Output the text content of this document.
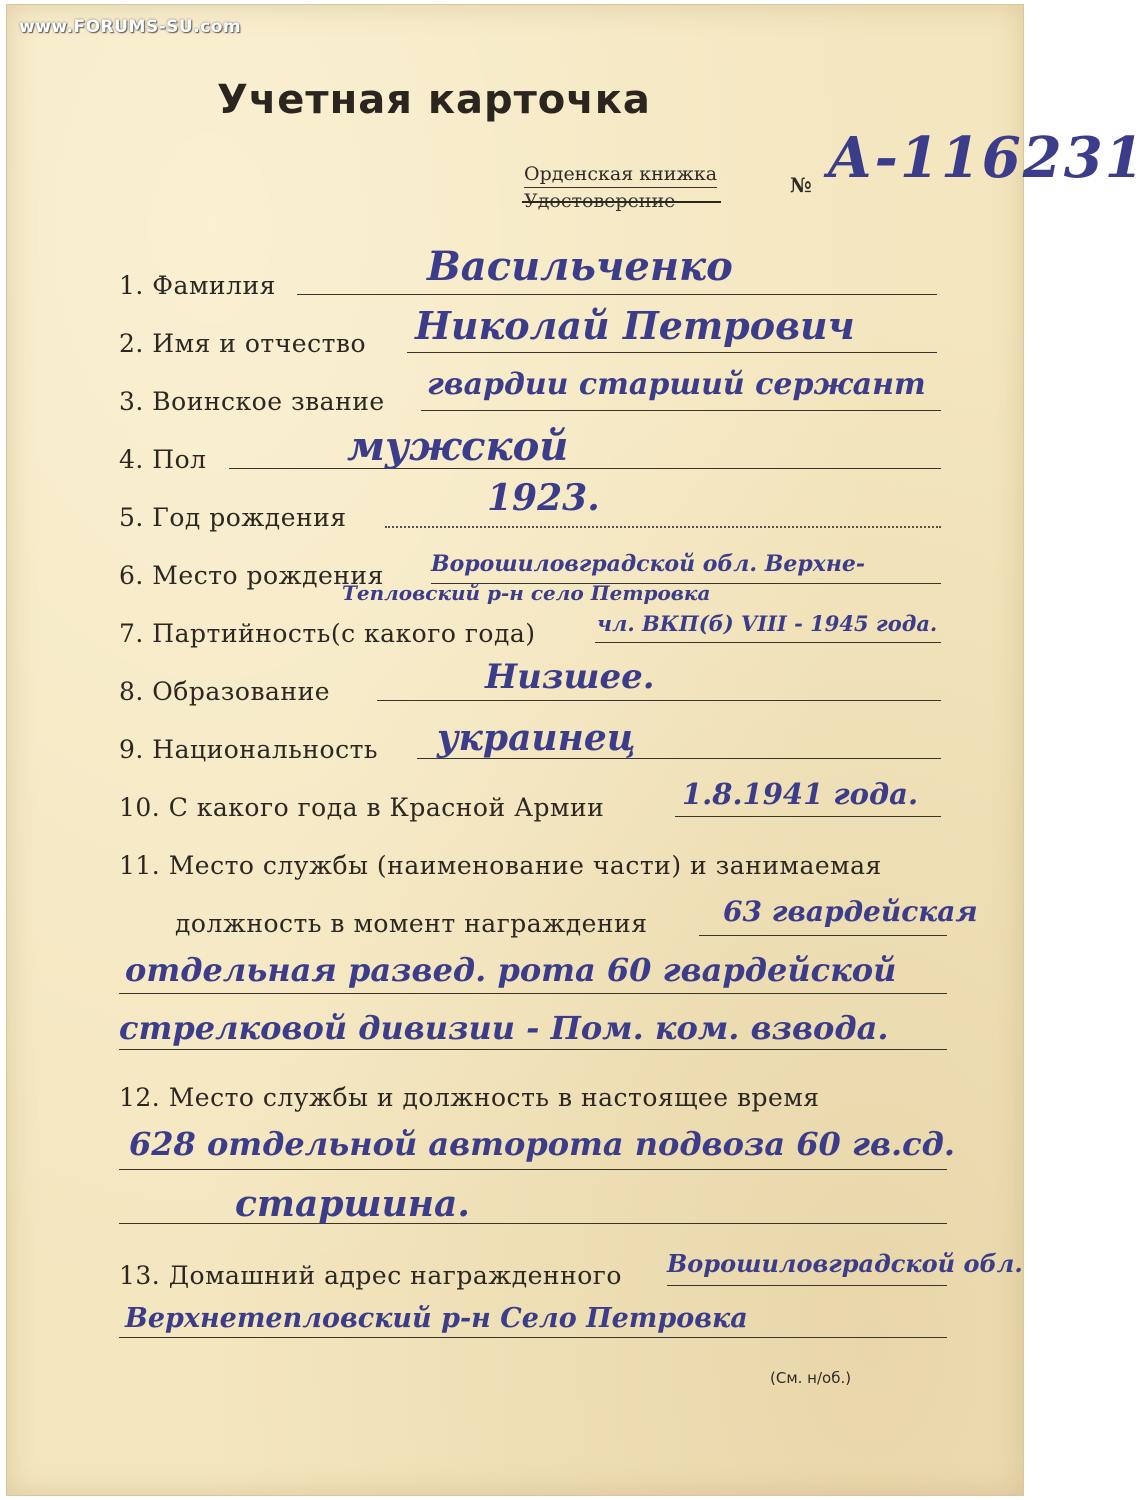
www.FORUMS-SU.com
Учетная карточка
Орденская книжка
Удостоверение
№ А-116231
1. Фамилия	Васильченко
2. Имя и отчество Николай Петрович
3. Воинское звание гвардии старший сержант
4. Пол	мужской
5. Год рождения	1923.
6. Место рождения Ворошиловградской обл. Верхне-
Тепловский р-н село Петровка
7. Партийность(с какого года)	чл. ВКП(б) VIII - 1945 года.
8. Образование	Низшее.
9. Национальность украинец
10. С какого года в Красной Армии	1.8.1941 года.
11. Место службы (наименование части) и занимаемая
должность в момент награждения	63 гвардейская
отдельная развед. рота 60 гвардейской
стрелковой дивизии - Пом. ком. взвода.
12. Место службы и должность в настоящее время
628 отдельной авторота подвоза 60 гв.сд.
старшина.
13. Домашний адрес награжденного Ворошиловградской обл.
Верхнетепловский р-н Село Петровка
(См. н/об.)
